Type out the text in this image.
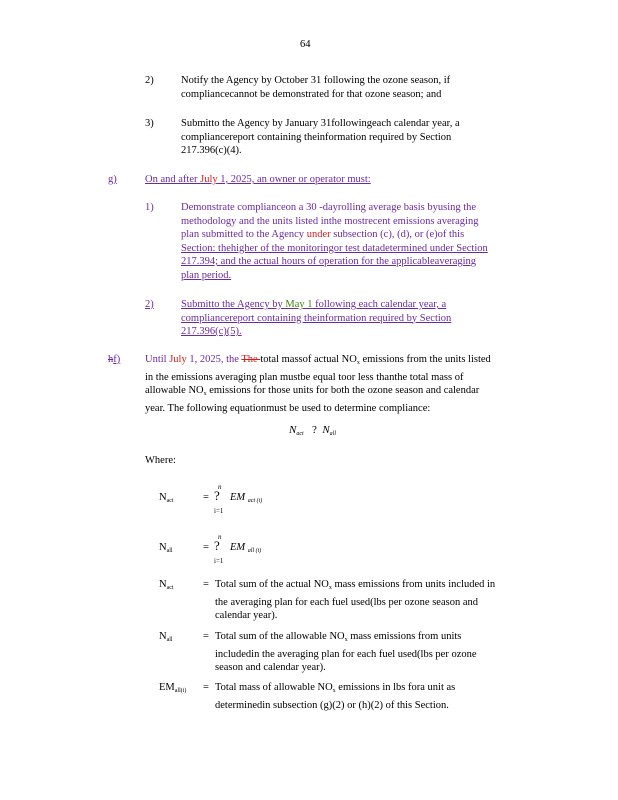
64
2)	Notify the Agency by October 31 following the ozone season, if
compliancecannot be demonstrated for that ozone season; and
3)	Submitto the Agency by January 31followingeach calendar year, a
compliancereport containing theinformation required by Section
217.396(c)(4).
g)	On and after July 1, 2025, an owner or operator must:
1)	Demonstrate complianceon a 30 -dayrolling average basis byusing the
methodology and the units listed inthe mostrecent emissions averaging
plan submitted to the Agency under subsection (c), (d), or (e)of this
Section: thehigher of the monitoringor test datadetermined under Section
217.394; and the actual hours of operation for the applicableaveraging
plan period.
2)	Submitto the Agency by May 1 following each calendar year, a
compliancereport containing theinformation required by Section
217.396(c)(5).
hf) Until July 1, 2025, the The total massof actual $NO_x$ emissions from the units listed
in the emissions averaging plan mustbe equal toor less thanthe total mass of
allowable $NO_x$ emissions for those units for both the ozone season and calendar
year. The following equationmust be used to determine compliance:
$N_{act}$ ? $N_{all}$
Where:
$N_{act}$	=
n
?
i=1
EM $_{act (i)}$
$N_{all}$	=
n
?
i=1
EM $_{all (i)}$
$N_{act}$	= Total sum of the actual $NO_x$ mass emissions from units included in
the averaging plan for each fuel used(lbs per ozone season and
calendar year).
$N_{all}$	= Total sum of the allowable $NO_x$ mass emissions from units
includedin the averaging plan for each fuel used(lbs per ozone
season and calendar year).
$EM_{all(i)}$ = Total mass of allowable $NO_x$ emissions in lbs fora unit as
determinedin subsection (g)(2) or (h)(2) of this Section.
